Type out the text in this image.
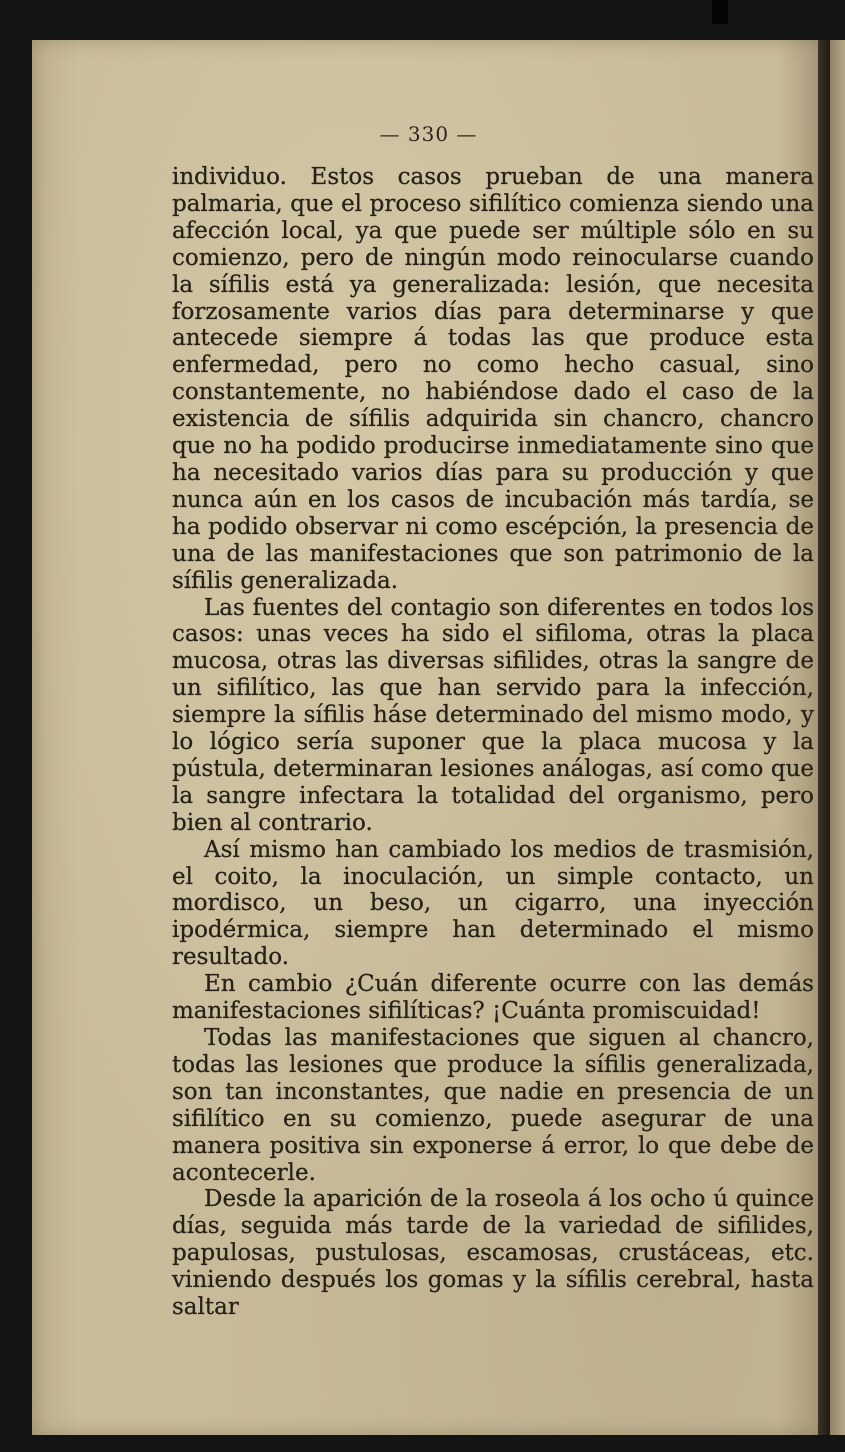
— 330 —

individuo. Estos casos prueban de una manera palmaria, que el proceso sifilítico comienza siendo una afección local, ya que puede ser múltiple sólo en su comienzo, pero de ningún modo reinocularse cuando la sífilis está ya generalizada: lesión, que necesita forzosamente varios días para determinarse y que antecede siempre á todas las que produce esta enfermedad, pero no como hecho casual, sino constantemente, no habiéndose dado el caso de la existencia de sífilis adquirida sin chancro, chancro que no ha podido producirse inmediatamente sino que ha necesitado varios días para su producción y que nunca aún en los casos de incubación más tardía, se ha podido observar ni como escépción, la presencia de una de las manifestaciones que son patrimonio de la sífilis generalizada.

Las fuentes del contagio son diferentes en todos los casos: unas veces ha sido el sifiloma, otras la placa mucosa, otras las diversas sifilides, otras la sangre de un sifilítico, las que han servido para la infección, siempre la sífilis háse determinado del mismo modo, y lo lógico sería suponer que la placa mucosa y la pústula, determinaran lesiones análogas, así como que la sangre infectara la totalidad del organismo, pero bien al contrario.

Así mismo han cambiado los medios de trasmisión, el coito, la inoculación, un simple contacto, un mordisco, un beso, un cigarro, una inyección ipodérmica, siempre han determinado el mismo resultado.

En cambio ¿Cuán diferente ocurre con las demás manifestaciones sifilíticas? ¡Cuánta promiscuidad!

Todas las manifestaciones que siguen al chancro, todas las lesiones que produce la sífilis generalizada, son tan inconstantes, que nadie en presencia de un sifilítico en su comienzo, puede asegurar de una manera positiva sin exponerse á error, lo que debe de acontecerle.

Desde la aparición de la roseola á los ocho ú quince días, seguida más tarde de la variedad de sifilides, papulosas, pustulosas, escamosas, crustáceas, etc. viniendo después los gomas y la sífilis cerebral, hasta saltar
